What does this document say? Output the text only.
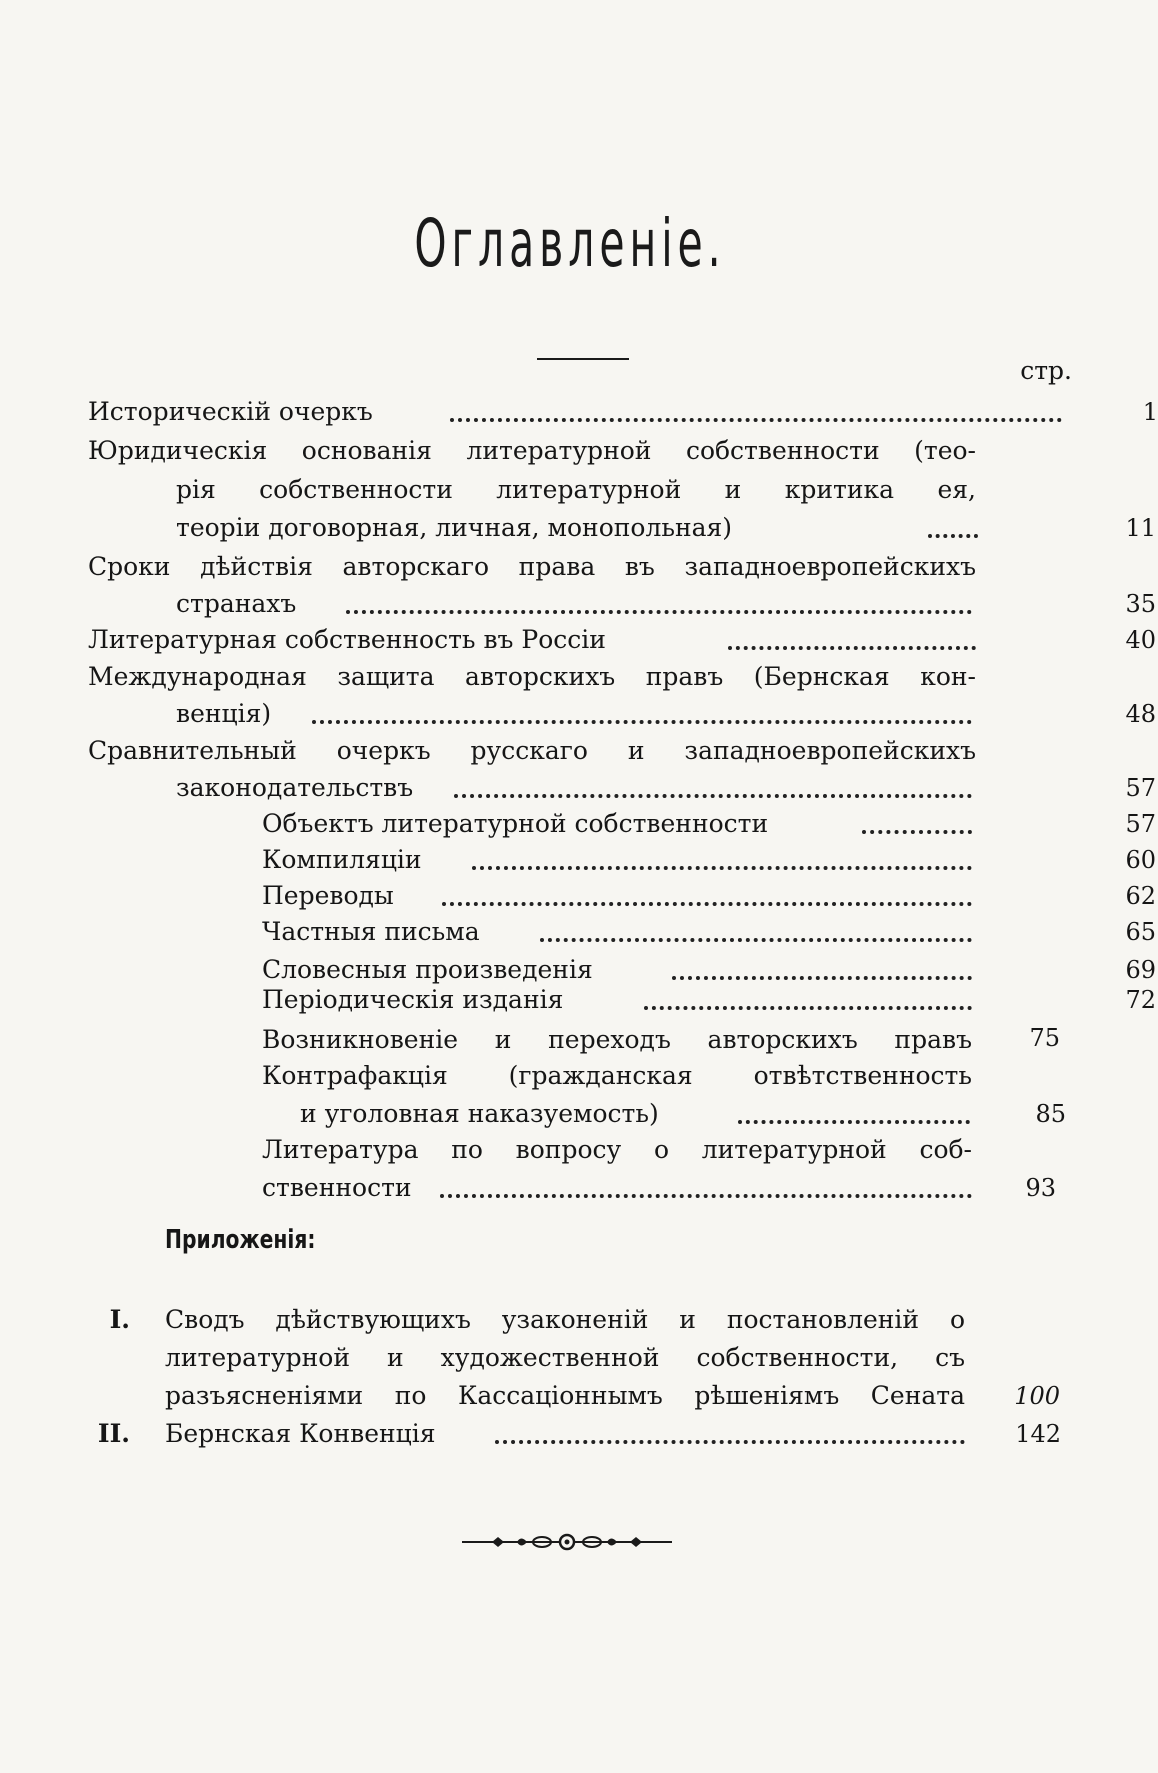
Оглавленіе.
стр.
Историческій очеркъ	1
Юридическія основанія литературной собственности (тео-
рія собственности литературной и критика ея,
теоріи договорная, личная, монопольная)	11
Сроки дѣйствія авторскаго права въ западноевропейскихъ
странахъ	35
Литературная собственность въ Россіи	40
Международная защита авторскихъ правъ (Бернская кон-
венція)	48
Сравнительный очеркъ русскаго и западноевропейскихъ
законодательствъ	57
Объектъ литературной собственности	57
Компиляціи	60
Переводы	62
Частныя письма	65
Словесныя произведенія	69
Періодическія изданія	72
Возникновеніе и переходъ авторскихъ правъ	75
Контрафакція (гражданская отвѣтственность
и уголовная наказуемость)	85
Литература по вопросу о литературной соб-
ственности	93
Приложенія:
I. Сводъ дѣйствующихъ узаконеній и постановленій о
литературной и художественной собственности, съ
разъясненіями по Кассаціоннымъ рѣшеніямъ Сената	100
II. Бернская Конвенція	142
